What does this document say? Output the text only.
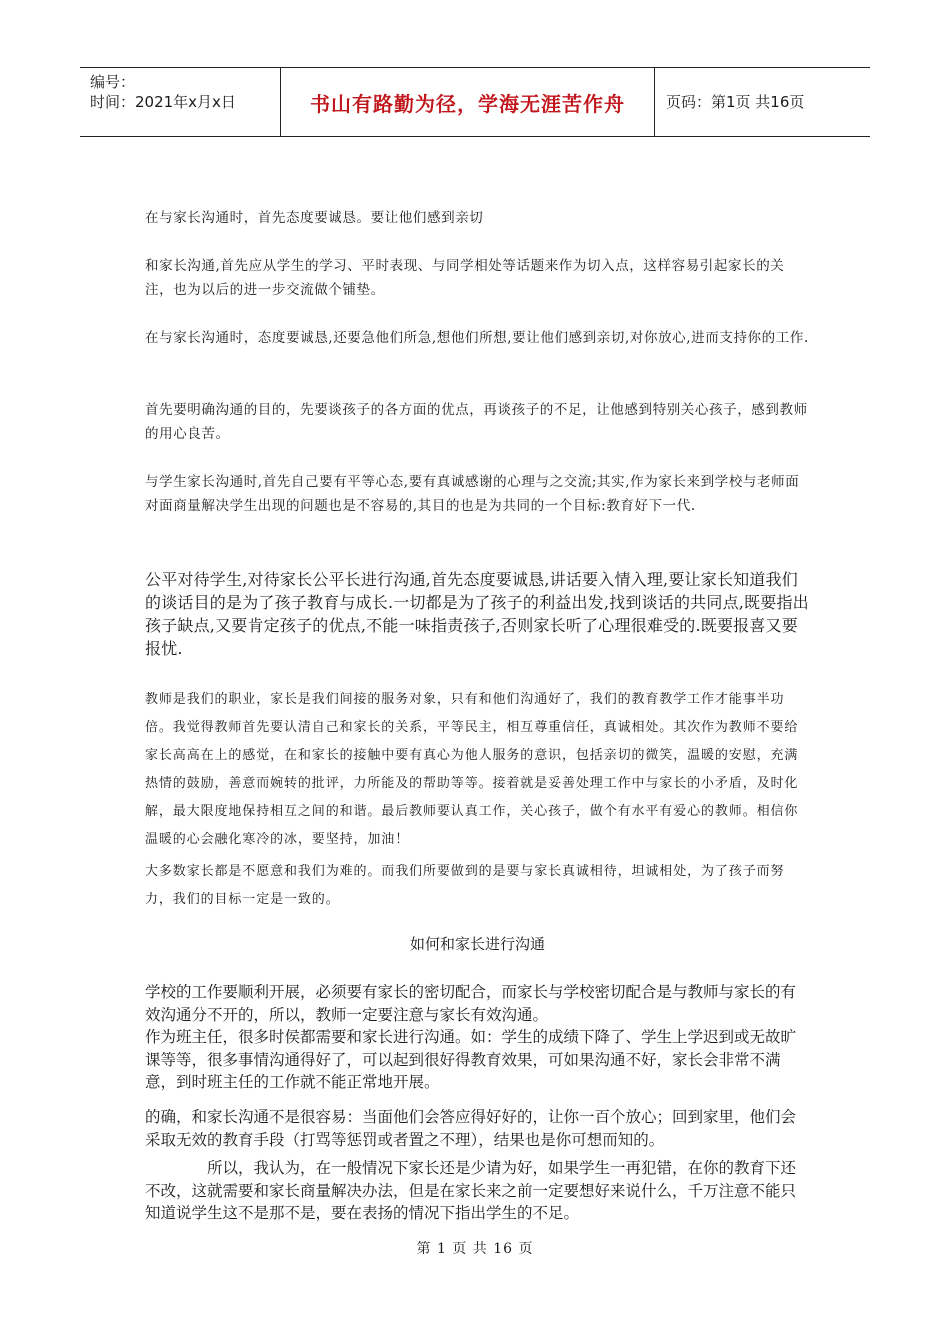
编号：
时间：2021年x月x日	书山有路勤为径，学海无涯苦作舟	页码：第1页 共16页

在与家长沟通时，首先态度要诚恳。要让他们感到亲切

和家长沟通,首先应从学生的学习、平时表现、与同学相处等话题来作为切入点，这样容易引起家长的关注，也为以后的进一步交流做个铺垫。

在与家长沟通时，态度要诚恳,还要急他们所急,想他们所想,要让他们感到亲切,对你放心,进而支持你的工作.

首先要明确沟通的目的，先要谈孩子的各方面的优点，再谈孩子的不足，让他感到特别关心孩子，感到教师的用心良苦。

与学生家长沟通时,首先自己要有平等心态,要有真诚感谢的心理与之交流;其实,作为家长来到学校与老师面对面商量解决学生出现的问题也是不容易的,其目的也是为共同的一个目标:教育好下一代.

公平对待学生,对待家长公平长进行沟通,首先态度要诚恳,讲话要入情入理,要让家长知道我们的谈话目的是为了孩子教育与成长.一切都是为了孩子的利益出发,找到谈话的共同点,既要指出孩子缺点,又要肯定孩子的优点,不能一味指责孩子,否则家长听了心理很难受的.既要报喜又要报忧.

教师是我们的职业，家长是我们间接的服务对象，只有和他们沟通好了，我们的教育教学工作才能事半功倍。我觉得教师首先要认清自己和家长的关系，平等民主，相互尊重信任，真诚相处。其次作为教师不要给家长高高在上的感觉，在和家长的接触中要有真心为他人服务的意识，包括亲切的微笑，温暖的安慰，充满热情的鼓励，善意而婉转的批评，力所能及的帮助等等。接着就是妥善处理工作中与家长的小矛盾，及时化解，最大限度地保持相互之间的和谐。最后教师要认真工作，关心孩子，做个有水平有爱心的教师。相信你温暖的心会融化寒冷的冰，要坚持，加油！

大多数家长都是不愿意和我们为难的。而我们所要做到的是要与家长真诚相待，坦诚相处，为了孩子而努力，我们的目标一定是一致的。

如何和家长进行沟通

学校的工作要顺利开展，必须要有家长的密切配合，而家长与学校密切配合是与教师与家长的有效沟通分不开的，所以，教师一定要注意与家长有效沟通。

作为班主任，很多时侯都需要和家长进行沟通。如：学生的成绩下降了、学生上学迟到或无故旷课等等，很多事情沟通得好了，可以起到很好得教育效果，可如果沟通不好，家长会非常不满意，到时班主任的工作就不能正常地开展。

的确，和家长沟通不是很容易：当面他们会答应得好好的，让你一百个放心；回到家里，他们会采取无效的教育手段（打骂等惩罚或者置之不理），结果也是你可想而知的。

所以，我认为，在一般情况下家长还是少请为好，如果学生一再犯错，在你的教育下还不改，这就需要和家长商量解决办法，但是在家长来之前一定要想好来说什么，千万注意不能只知道说学生这不是那不是，要在表扬的情况下指出学生的不足。

第 1 页 共 16 页
